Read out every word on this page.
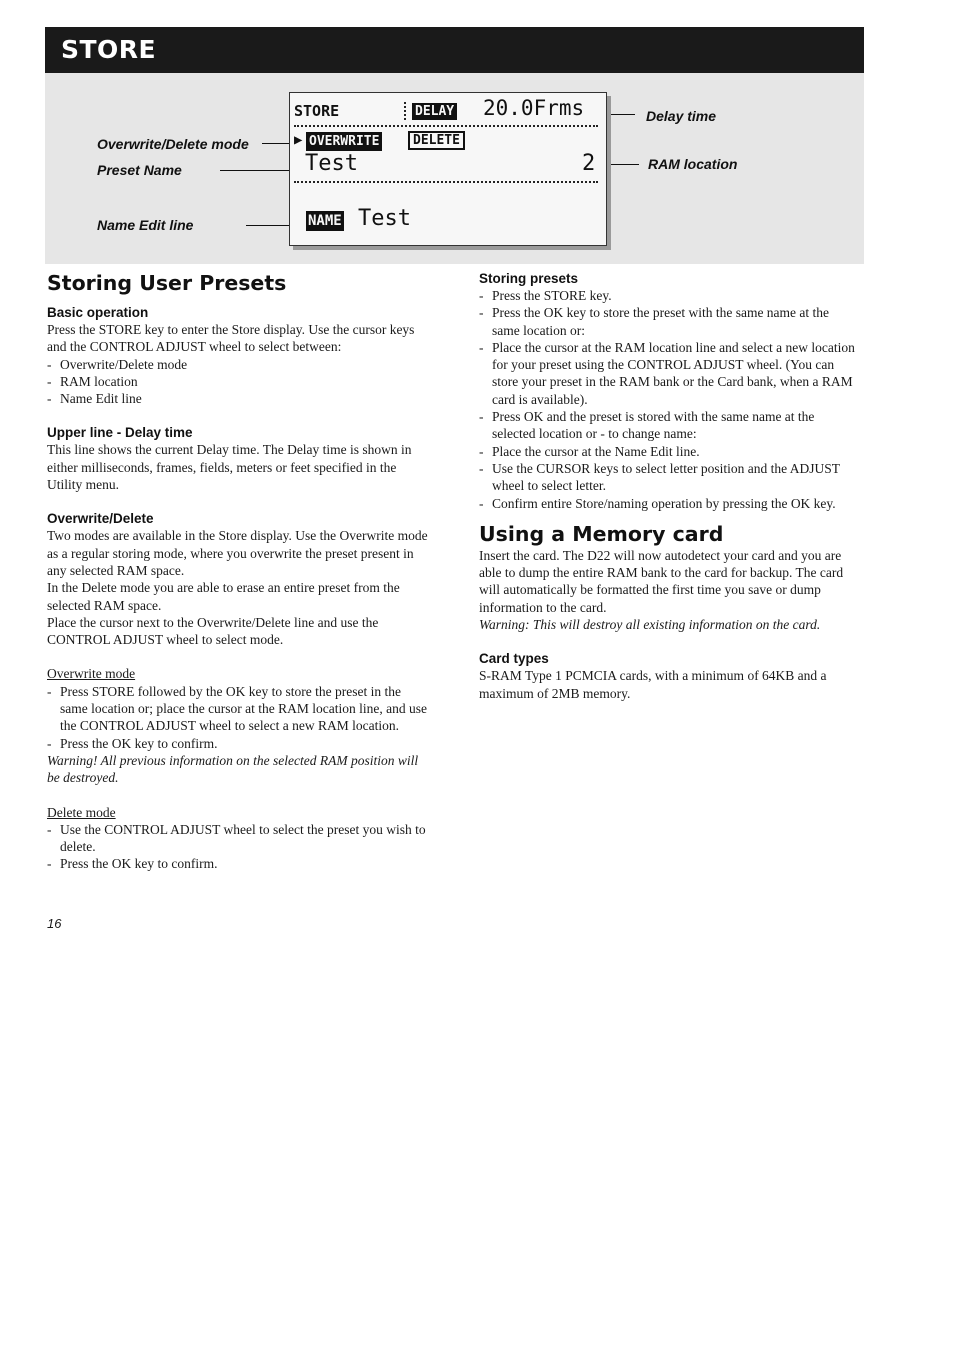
STORE
Overwrite/Delete mode
Preset Name
Name Edit line
Delay time
RAM location
STORE	DELAY 20.0Frms
▶ OVERWRITE	DELETE
Test	2
NAME Test
Storing User Presets
Basic operation

Press the STORE key to enter the Store display. Use the cursor keys and the CONTROL ADJUST wheel to select between:

- Overwrite/Delete mode
- RAM location
- Name Edit line
Upper line - Delay time

This line shows the current Delay time. The Delay time is shown in either milliseconds, frames, fields, meters or feet specified in the Utility menu.

Overwrite/Delete

Two modes are available in the Store display. Use the Overwrite mode as a regular storing mode, where you overwrite the preset present in any selected RAM space.

In the Delete mode you are able to erase an entire preset from the selected RAM space.

Place the cursor next to the Overwrite/Delete line and use the CONTROL ADJUST wheel to select mode.

Overwrite mode

- Press STORE followed by the OK key to store the preset in the same location or; place the cursor at the RAM location line, and use the CONTROL ADJUST wheel to select a new RAM location.
- Press the OK key to confirm.

Warning! All previous information on the selected RAM position will be destroyed.

Delete mode

- Use the CONTROL ADJUST wheel to select the preset you wish to delete.
- Press the OK key to confirm.
Storing presets
- Press the STORE key.
- Press the OK key to store the preset with the same name at the same location or:
- Place the cursor at the RAM location line and select a new location for your preset using the CONTROL ADJUST wheel. (You can store your preset in the RAM bank or the Card bank, when a RAM card is available).
- Press OK and the preset is stored with the same name at the selected location or - to change name:
- Place the cursor at the Name Edit line.
- Use the CURSOR keys to select letter position and the ADJUST wheel to select letter.
- Confirm entire Store/naming operation by pressing the OK key.
Using a Memory card

Insert the card. The D22 will now autodetect your card and you are able to dump the entire RAM bank to the card for backup. The card will automatically be formatted the first time you save or dump information to the card.

Warning: This will destroy all existing information on the card.

Card types

S-RAM Type 1 PCMCIA cards, with a minimum of 64KB and a maximum of 2MB memory.

16
